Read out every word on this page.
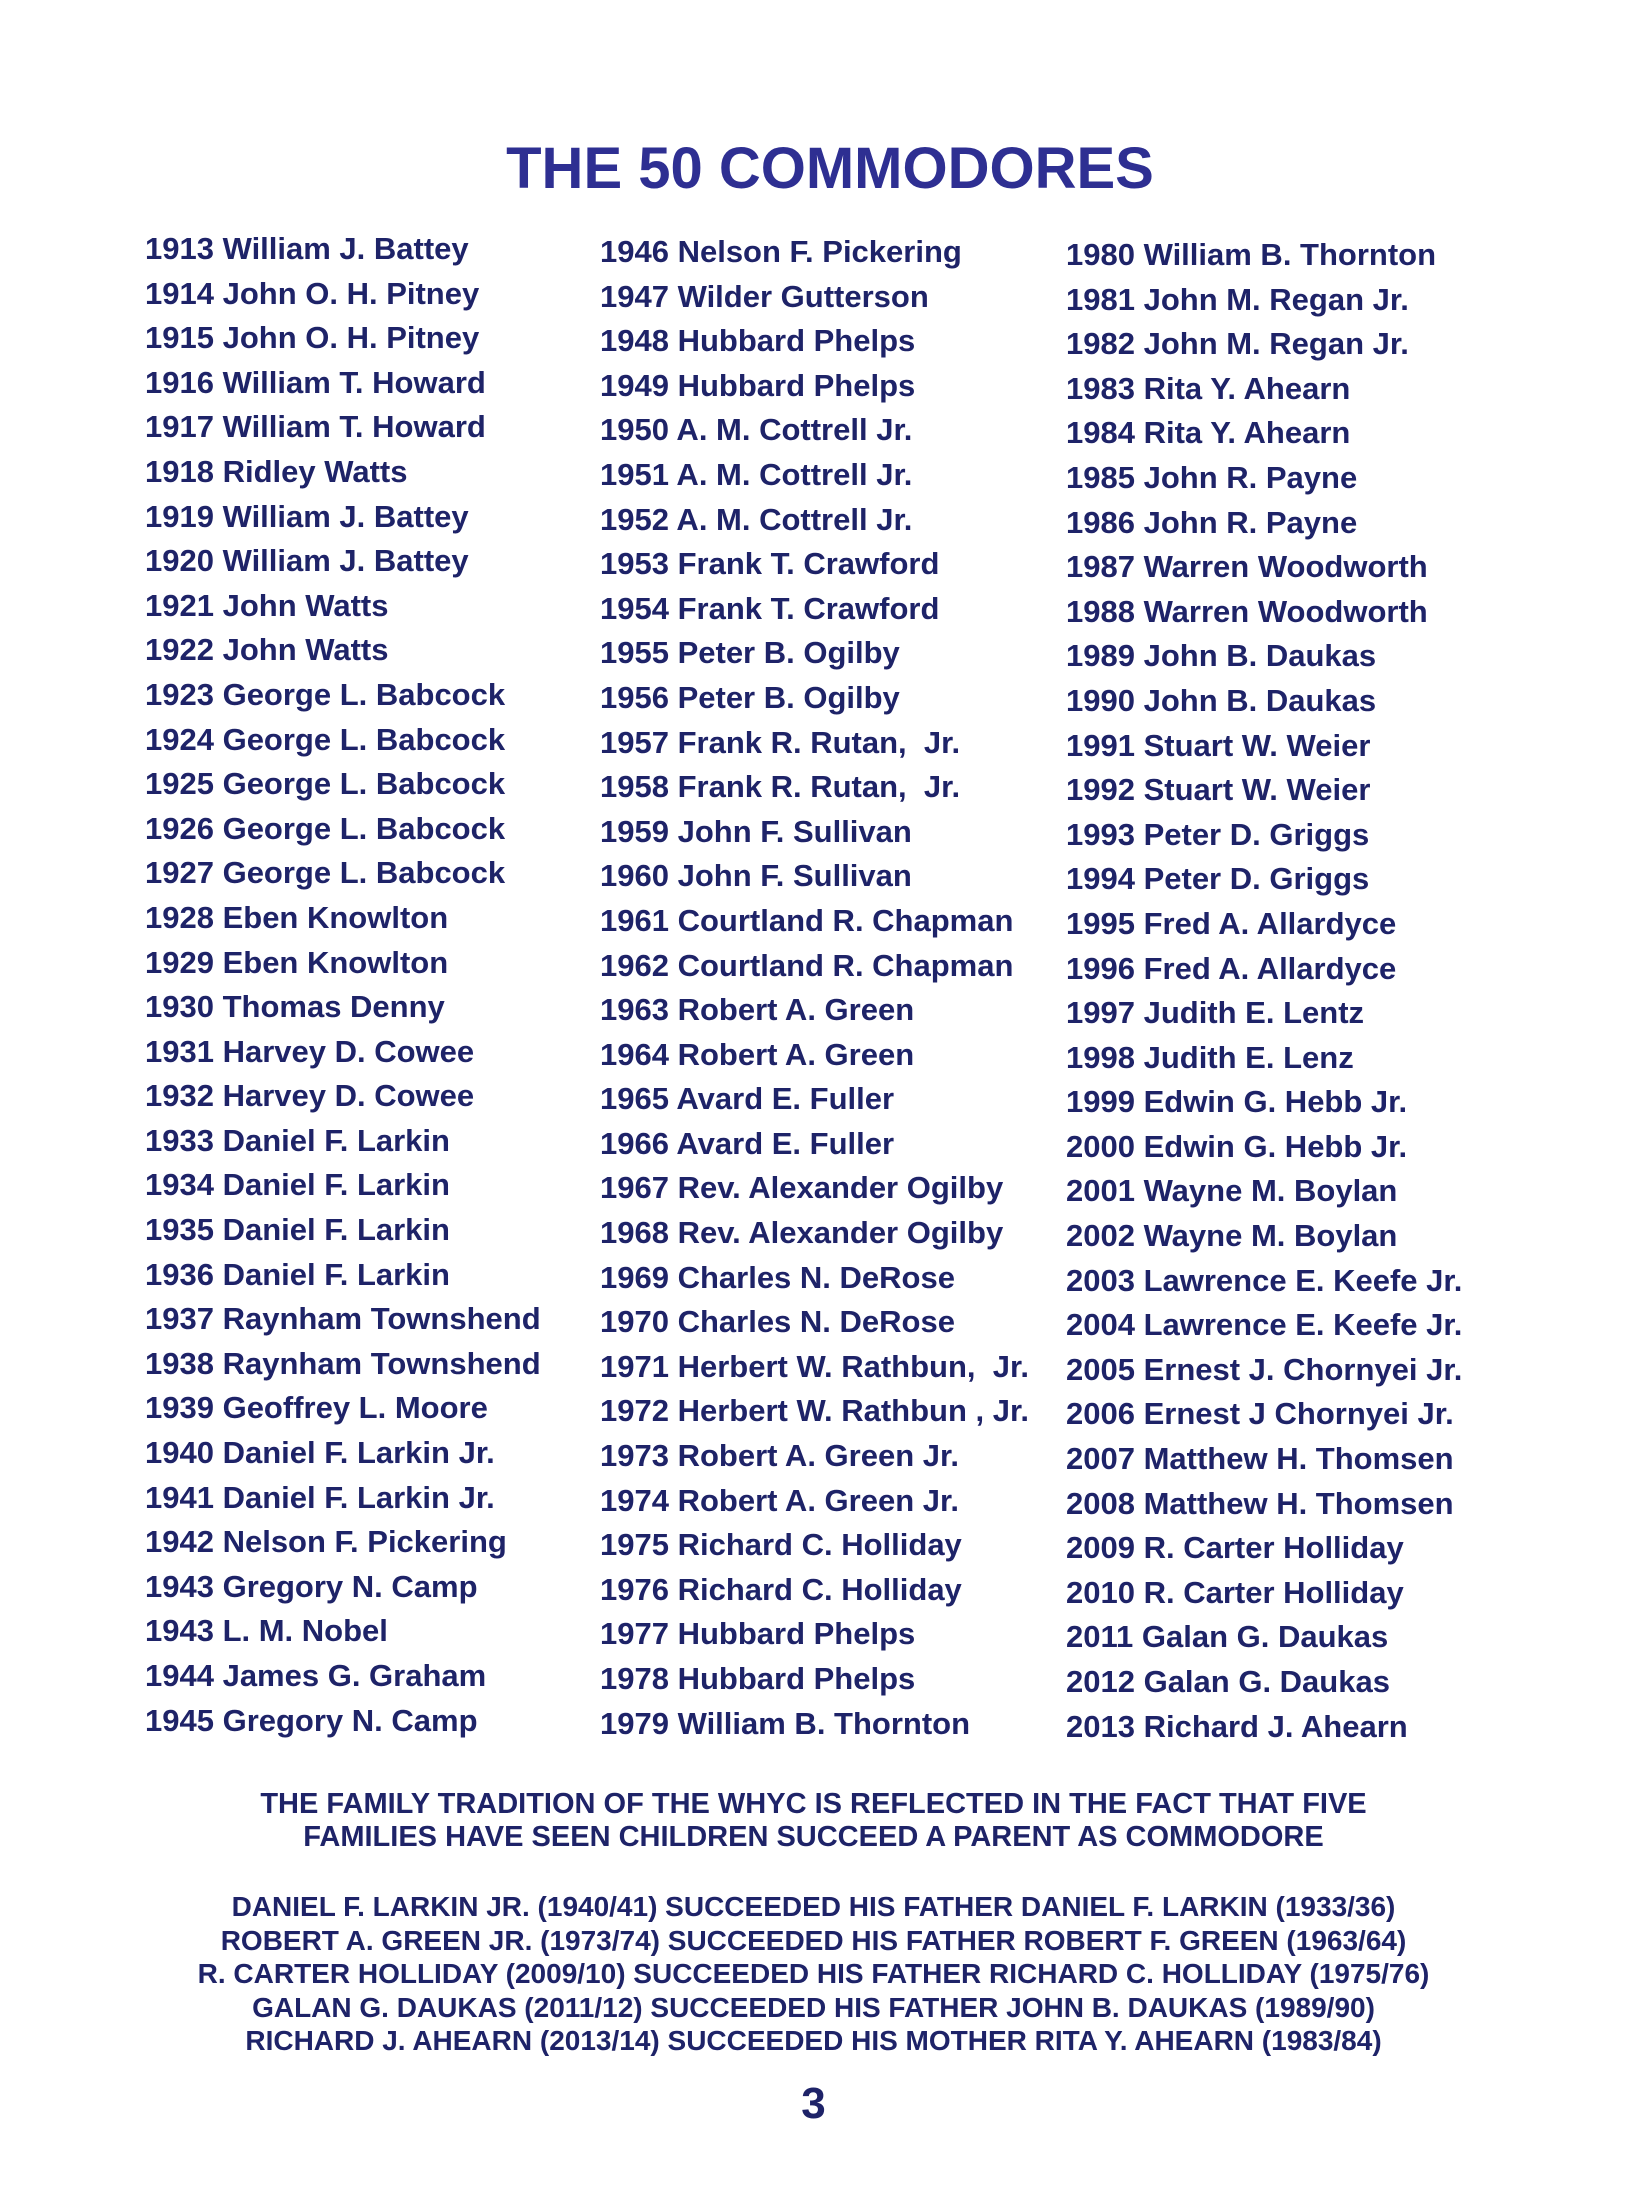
THE 50 COMMODORES
1913 William J. Battey
1914 John O. H. Pitney
1915 John O. H. Pitney
1916 William T. Howard
1917 William T. Howard
1918 Ridley Watts
1919 William J. Battey
1920 William J. Battey
1921 John Watts
1922 John Watts
1923 George L. Babcock
1924 George L. Babcock
1925 George L. Babcock
1926 George L. Babcock
1927 George L. Babcock
1928 Eben Knowlton
1929 Eben Knowlton
1930 Thomas Denny
1931 Harvey D. Cowee
1932 Harvey D. Cowee
1933 Daniel F. Larkin
1934 Daniel F. Larkin
1935 Daniel F. Larkin
1936 Daniel F. Larkin
1937 Raynham Townshend
1938 Raynham Townshend
1939 Geoffrey L. Moore
1940 Daniel F. Larkin Jr.
1941 Daniel F. Larkin Jr.
1942 Nelson F. Pickering
1943 Gregory N. Camp
1943 L. M. Nobel
1944 James G. Graham
1945 Gregory N. Camp
1946 Nelson F. Pickering
1947 Wilder Gutterson
1948 Hubbard Phelps
1949 Hubbard Phelps
1950 A. M. Cottrell Jr.
1951 A. M. Cottrell Jr.
1952 A. M. Cottrell Jr.
1953 Frank T. Crawford
1954 Frank T. Crawford
1955 Peter B. Ogilby
1956 Peter B. Ogilby
1957 Frank R. Rutan,  Jr.
1958 Frank R. Rutan,  Jr.
1959 John F. Sullivan
1960 John F. Sullivan
1961 Courtland R. Chapman
1962 Courtland R. Chapman
1963 Robert A. Green
1964 Robert A. Green
1965 Avard E. Fuller
1966 Avard E. Fuller
1967 Rev. Alexander Ogilby
1968 Rev. Alexander Ogilby
1969 Charles N. DeRose
1970 Charles N. DeRose
1971 Herbert W. Rathbun,  Jr.
1972 Herbert W. Rathbun , Jr.
1973 Robert A. Green Jr.
1974 Robert A. Green Jr.
1975 Richard C. Holliday
1976 Richard C. Holliday
1977 Hubbard Phelps
1978 Hubbard Phelps
1979 William B. Thornton
1980 William B. Thornton
1981 John M. Regan Jr.
1982 John M. Regan Jr.
1983 Rita Y. Ahearn
1984 Rita Y. Ahearn
1985 John R. Payne
1986 John R. Payne
1987 Warren Woodworth
1988 Warren Woodworth
1989 John B. Daukas
1990 John B. Daukas
1991 Stuart W. Weier
1992 Stuart W. Weier
1993 Peter D. Griggs
1994 Peter D. Griggs
1995 Fred A. Allardyce
1996 Fred A. Allardyce
1997 Judith E. Lentz
1998 Judith E. Lenz
1999 Edwin G. Hebb Jr.
2000 Edwin G. Hebb Jr.
2001 Wayne M. Boylan
2002 Wayne M. Boylan
2003 Lawrence E. Keefe Jr.
2004 Lawrence E. Keefe Jr.
2005 Ernest J. Chornyei Jr.
2006 Ernest J Chornyei Jr.
2007 Matthew H. Thomsen
2008 Matthew H. Thomsen
2009 R. Carter Holliday
2010 R. Carter Holliday
2011 Galan G. Daukas
2012 Galan G. Daukas
2013 Richard J. Ahearn
THE FAMILY TRADITION OF THE WHYC IS REFLECTED IN THE FACT THAT FIVE
FAMILIES HAVE SEEN CHILDREN SUCCEED A PARENT AS COMMODORE
DANIEL F. LARKIN JR. (1940/41) SUCCEEDED HIS FATHER DANIEL F. LARKIN (1933/36)
ROBERT A. GREEN JR. (1973/74) SUCCEEDED HIS FATHER ROBERT F. GREEN (1963/64)
R. CARTER HOLLIDAY (2009/10) SUCCEEDED HIS FATHER RICHARD C. HOLLIDAY (1975/76)
GALAN G. DAUKAS (2011/12) SUCCEEDED HIS FATHER JOHN B. DAUKAS (1989/90)
RICHARD J. AHEARN (2013/14) SUCCEEDED HIS MOTHER RITA Y. AHEARN (1983/84)
3
